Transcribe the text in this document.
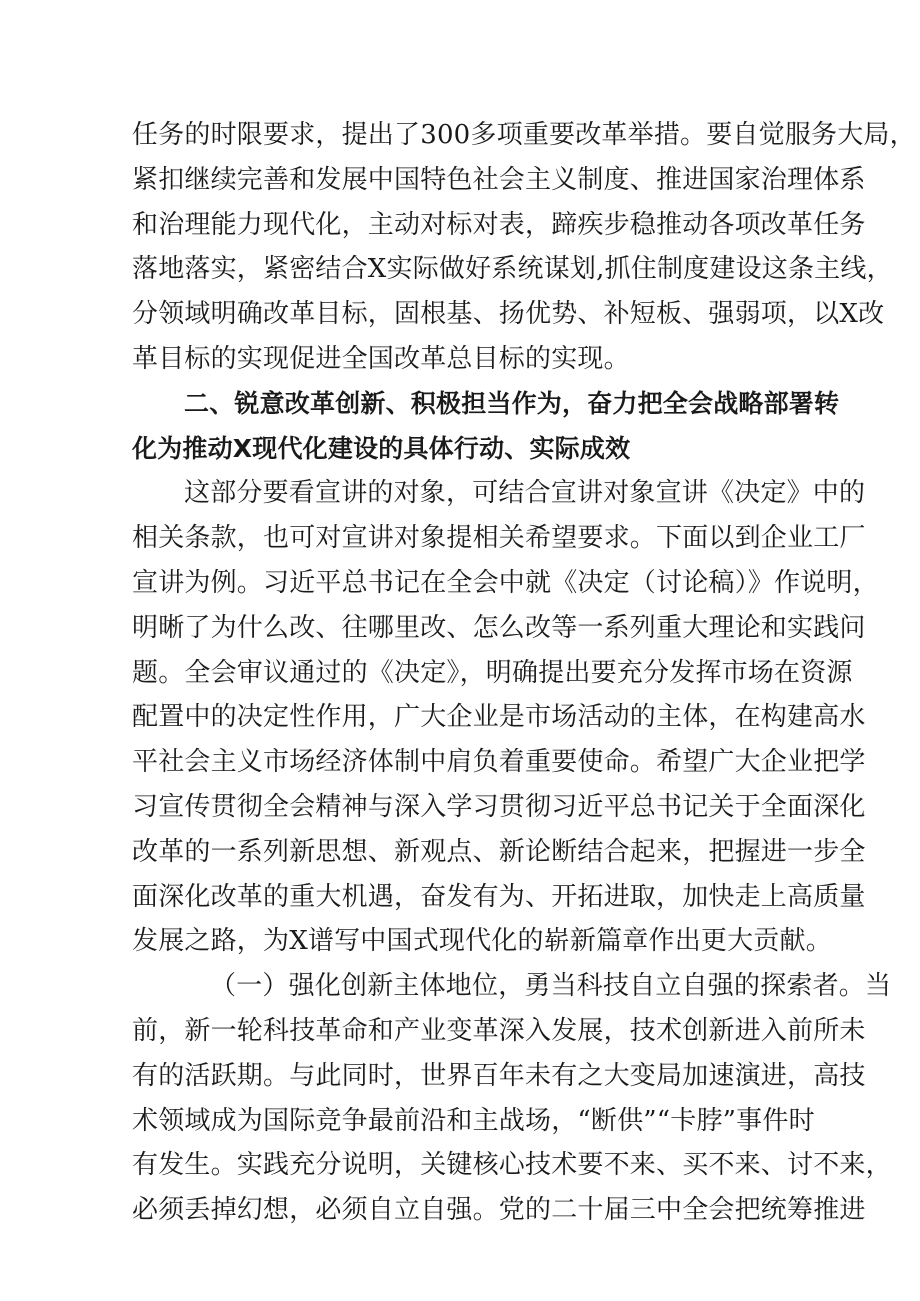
任务的时限要求，提出了300多项重要改革举措。要自觉服务大局，
紧扣继续完善和发展中国特色社会主义制度、推进国家治理体系
和治理能力现代化，主动对标对表，蹄疾步稳推动各项改革任务
落地落实，紧密结合X实际做好系统谋划,抓住制度建设这条主线，
分领域明确改革目标，固根基、扬优势、补短板、强弱项，以X改
革目标的实现促进全国改革总目标的实现。
二、锐意改革创新、积极担当作为，奋力把全会战略部署转
化为推动X现代化建设的具体行动、实际成效
这部分要看宣讲的对象，可结合宣讲对象宣讲《决定》中的
相关条款，也可对宣讲对象提相关希望要求。下面以到企业工厂
宣讲为例。习近平总书记在全会中就《决定（讨论稿）》作说明，
明晰了为什么改、往哪里改、怎么改等一系列重大理论和实践问
题。全会审议通过的《决定》，明确提出要充分发挥市场在资源
配置中的决定性作用，广大企业是市场活动的主体，在构建高水
平社会主义市场经济体制中肩负着重要使命。希望广大企业把学
习宣传贯彻全会精神与深入学习贯彻习近平总书记关于全面深化
改革的一系列新思想、新观点、新论断结合起来，把握进一步全
面深化改革的重大机遇，奋发有为、开拓进取，加快走上高质量
发展之路，为X谱写中国式现代化的崭新篇章作出更大贡献。
（一）强化创新主体地位，勇当科技自立自强的探索者。当
前，新一轮科技革命和产业变革深入发展，技术创新进入前所未
有的活跃期。与此同时，世界百年未有之大变局加速演进，高技
术领域成为国际竞争最前沿和主战场，“断供”“卡脖”事件时
有发生。实践充分说明，关键核心技术要不来、买不来、讨不来，
必须丢掉幻想，必须自立自强。党的二十届三中全会把统筹推进
